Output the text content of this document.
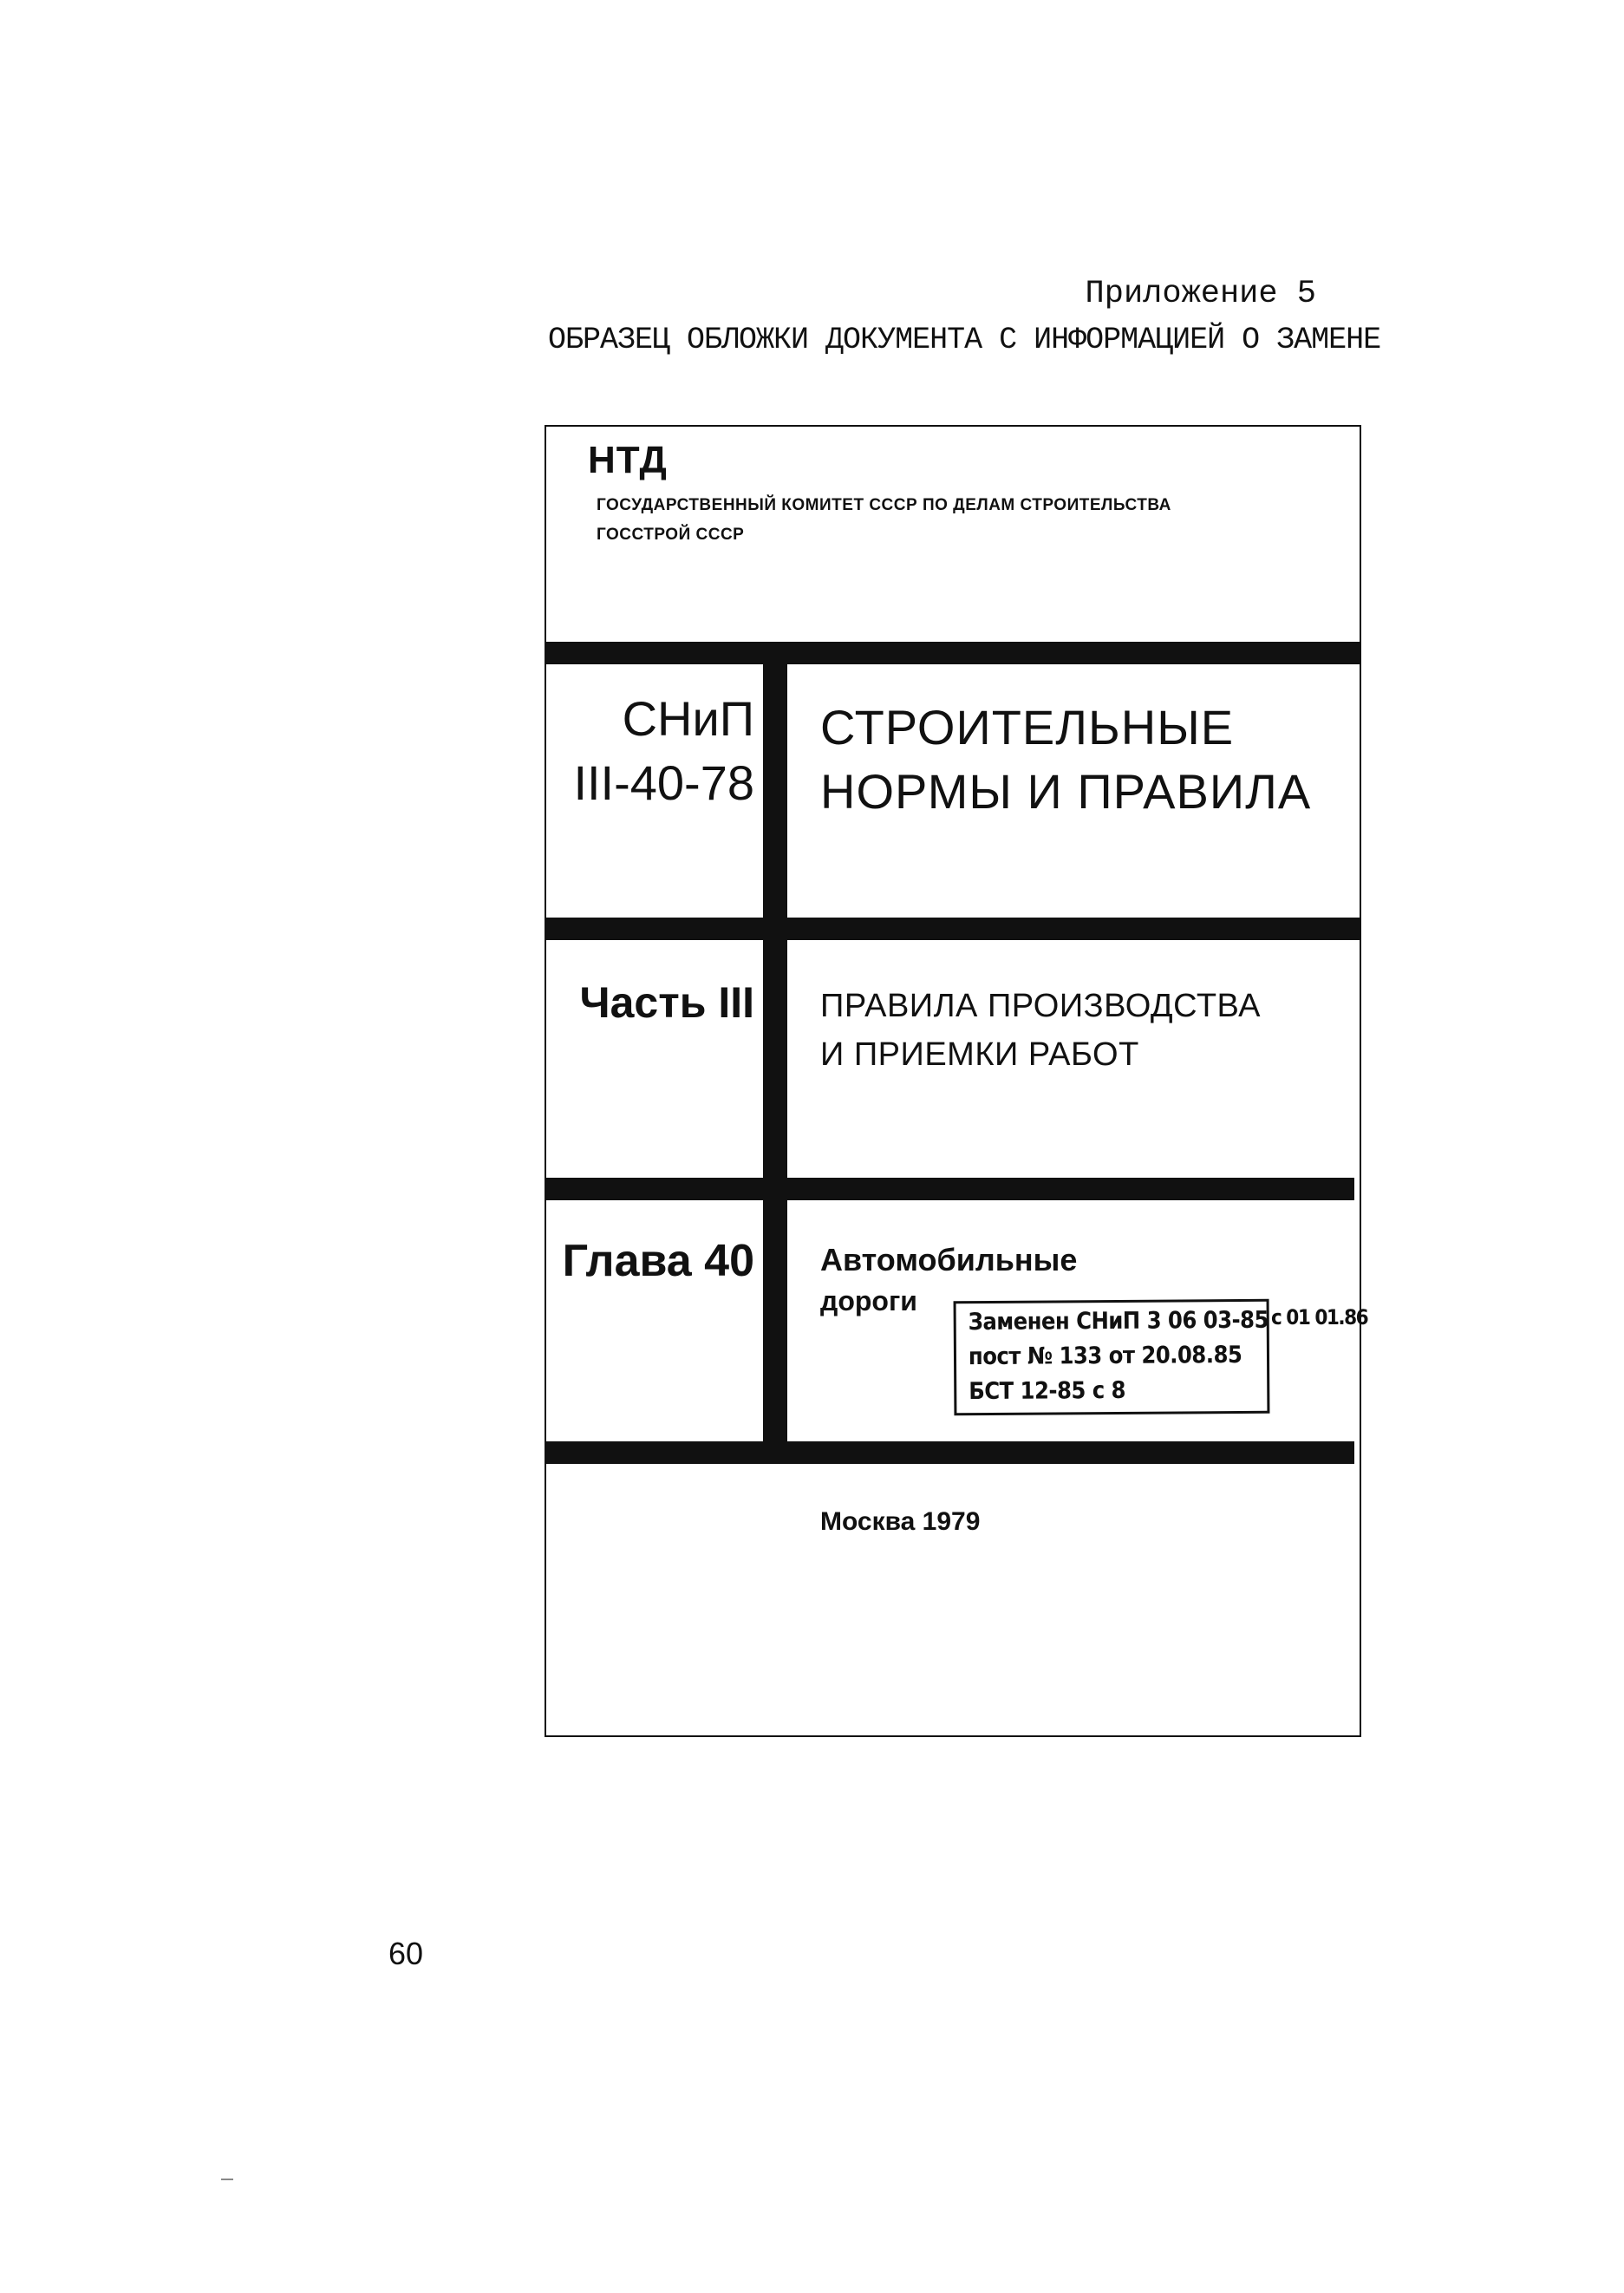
Приложение 5

ОБРАЗЕЦ ОБЛОЖКИ ДОКУМЕНТА С ИНФОРМАЦИЕЙ О ЗАМЕНЕ

НТД

ГОСУДАРСТВЕННЫЙ КОМИТЕТ СССР ПО ДЕЛАМ СТРОИТЕЛЬСТВА

ГОССТРОЙ СССР

СНиП
III-40-78
СТРОИТЕЛЬНЫЕ
НОРМЫ И ПРАВИЛА

Часть III ПРАВИЛА ПРОИЗВОДСТВА
И ПРИЕМКИ РАБОТ

Глава 40 Автомобильные

дороги

Заменен СНиП 3 06 03-85
пост № 133 от 20.08.85
БСТ 12-85 с 8

с 01 01.86

Москва 1979

60
